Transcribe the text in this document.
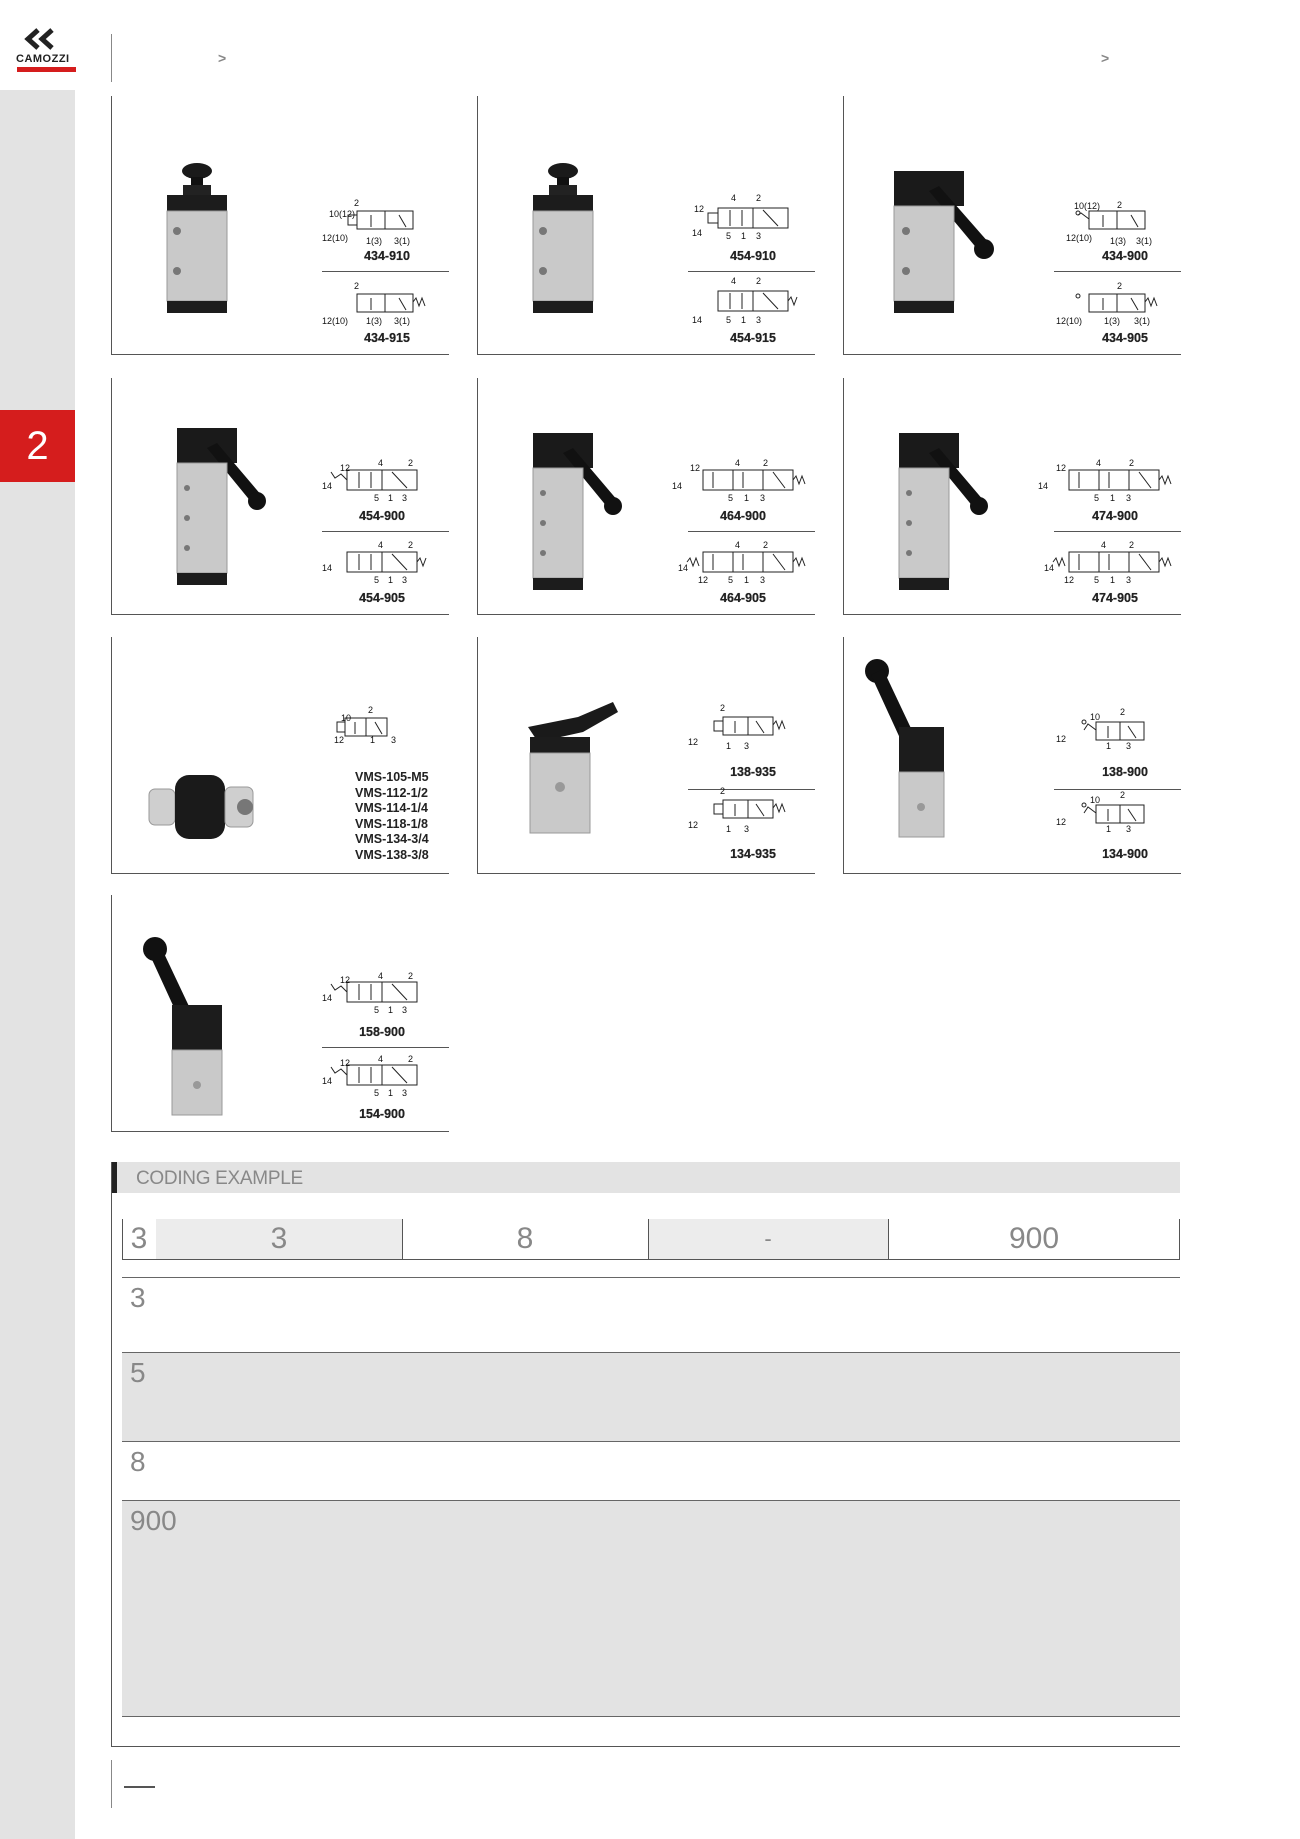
CAMOZZI
2
>	>
2
10(12)
12(10) 1(3) 3(1)
434-910
2
12(10) 1(3) 3(1)
434-915
4 2
12
14	5 1 3
454-910
4 2
14	5 1 3
454-915
10(12) 2
12(10) 1(3) 3(1)
434-900
2
12(10) 1(3) 3(1)
434-905
12	4	2
14
5 1 3
454-900
4	2
14
5 1 3
454-905
12	4	2
14
5 1 3
464-900
4	2
14
12 5 1 3
464-905
12	4	2
14
5 1 3
474-900
4	2
14
12 5 1 3
474-905
2
10
12	1 3
VMS-105-M5
VMS-112-1/2
VMS-114-1/4
VMS-118-1/8
VMS-134-3/4
VMS-138-3/8
2
12	1 3
138-935
2
12	1 3
134-935
10 2
12
1 3
138-900
10 2
12
1 3
134-900
12	4	2
14
5 1 3
158-900
12	4	2
14
5 1 3
154-900
CODING EXAMPLE
3	3	8	-	900
3
5
8
900
